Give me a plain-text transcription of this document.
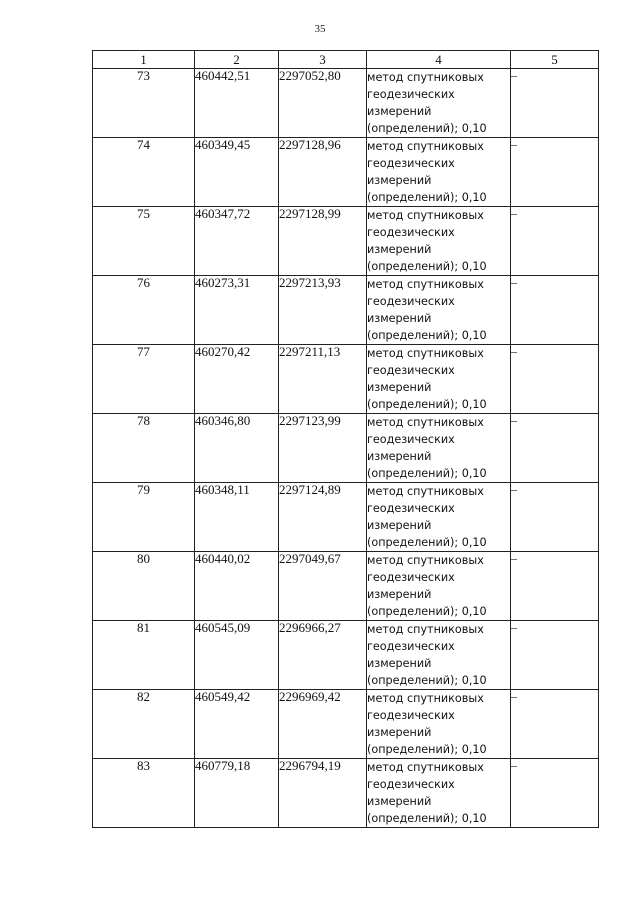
35
1	2	3	4	5
73	460442,51	2297052,80	метод спутниковых
геодезических
измерений
(определений); 0,10	–
74	460349,45	2297128,96	метод спутниковых
геодезических
измерений
(определений); 0,10	–
75	460347,72	2297128,99	метод спутниковых
геодезических
измерений
(определений); 0,10	–
76	460273,31	2297213,93	метод спутниковых
геодезических
измерений
(определений); 0,10	–
77	460270,42	2297211,13	метод спутниковых
геодезических
измерений
(определений); 0,10	–
78	460346,80	2297123,99	метод спутниковых
геодезических
измерений
(определений); 0,10	–
79	460348,11	2297124,89	метод спутниковых
геодезических
измерений
(определений); 0,10	–
80	460440,02	2297049,67	метод спутниковых
геодезических
измерений
(определений); 0,10	–
81	460545,09	2296966,27	метод спутниковых
геодезических
измерений
(определений); 0,10	–
82	460549,42	2296969,42	метод спутниковых
геодезических
измерений
(определений); 0,10	–
83	460779,18	2296794,19	метод спутниковых
геодезических
измерений
(определений); 0,10	–
